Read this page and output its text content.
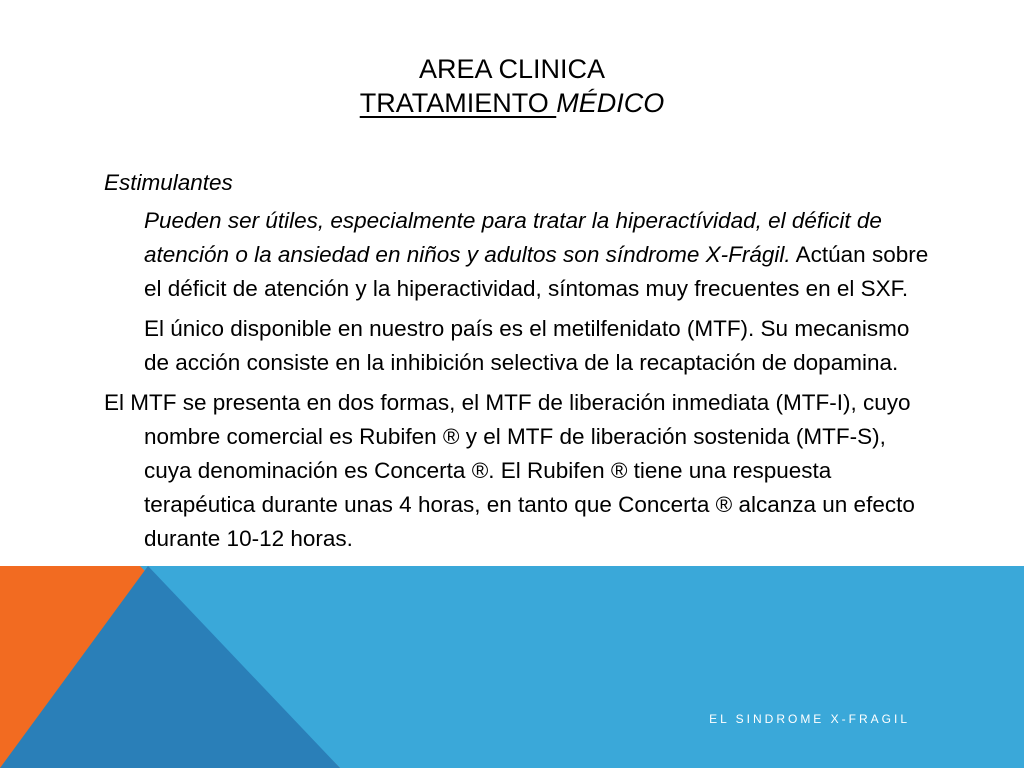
AREA CLINICA
TRATAMIENTO MÉDICO

Estimulantes

Pueden ser útiles, especialmente para tratar la hiperactívidad, el déficit de atención o la ansiedad en niños y adultos son síndrome X-Frágil. Actúan sobre el déficit de atención y la hiperactividad, síntomas muy frecuentes en el SXF.

El único disponible en nuestro país es el metilfenidato (MTF). Su mecanismo de acción consiste en la inhibición selectiva de la recaptación de dopamina.

El MTF se presenta en dos formas, el MTF de liberación inmediata (MTF-I), cuyo nombre comercial es Rubifen ® y el MTF de liberación sostenida (MTF-S), cuya denominación es Concerta ®. El Rubifen ® tiene una respuesta terapéutica durante unas 4 horas, en tanto que Concerta ® alcanza un efecto durante 10-12 horas.

EL SINDROME X-FRAGIL
